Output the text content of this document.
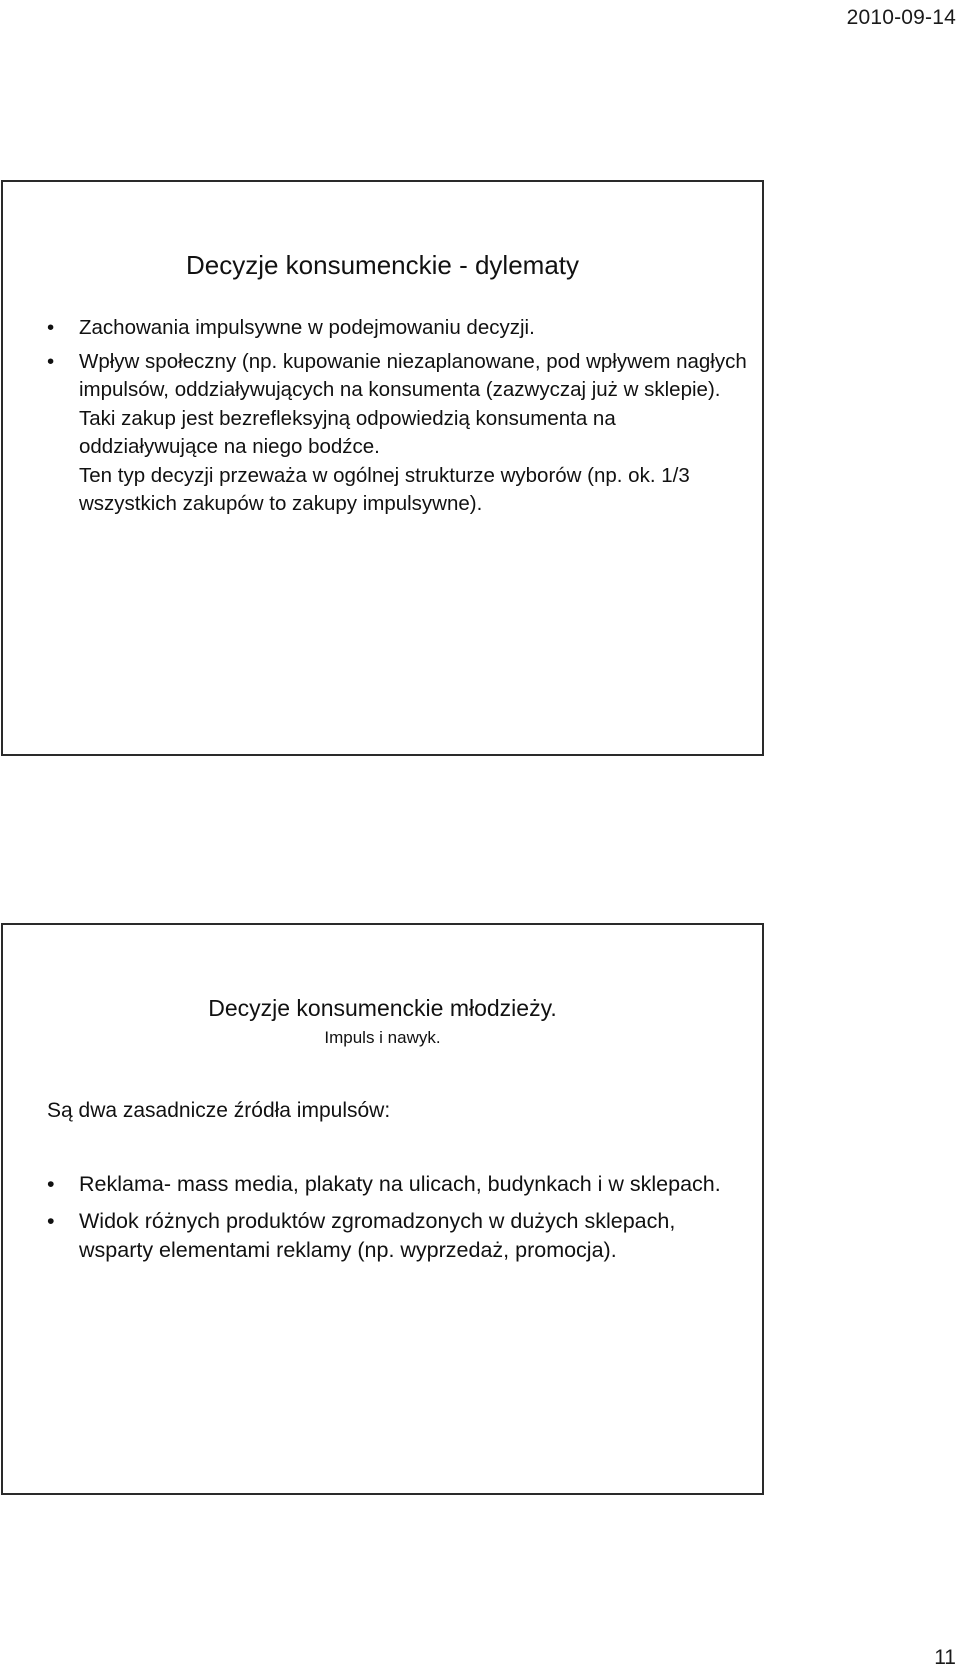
2010-09-14
Decyzje konsumenckie - dylematy
• Zachowania impulsywne w podejmowaniu decyzji.
• Wpływ społeczny (np. kupowanie niezaplanowane, pod wpływem nagłych impulsów, oddziaływujących na konsumenta (zazwyczaj już w sklepie). Taki zakup jest bezrefleksyjną odpowiedzią konsumenta na oddziaływujące na niego bodźce.
Ten typ decyzji przeważa w ogólnej strukturze wyborów (np. ok. 1/3 wszystkich zakupów to zakupy impulsywne).
Decyzje konsumenckie młodzieży.
Impuls i nawyk.
Są dwa zasadnicze źródła impulsów:
• Reklama- mass media, plakaty na ulicach, budynkach i w sklepach.
• Widok różnych produktów zgromadzonych w dużych sklepach, wsparty elementami reklamy (np. wyprzedaż, promocja).
11
